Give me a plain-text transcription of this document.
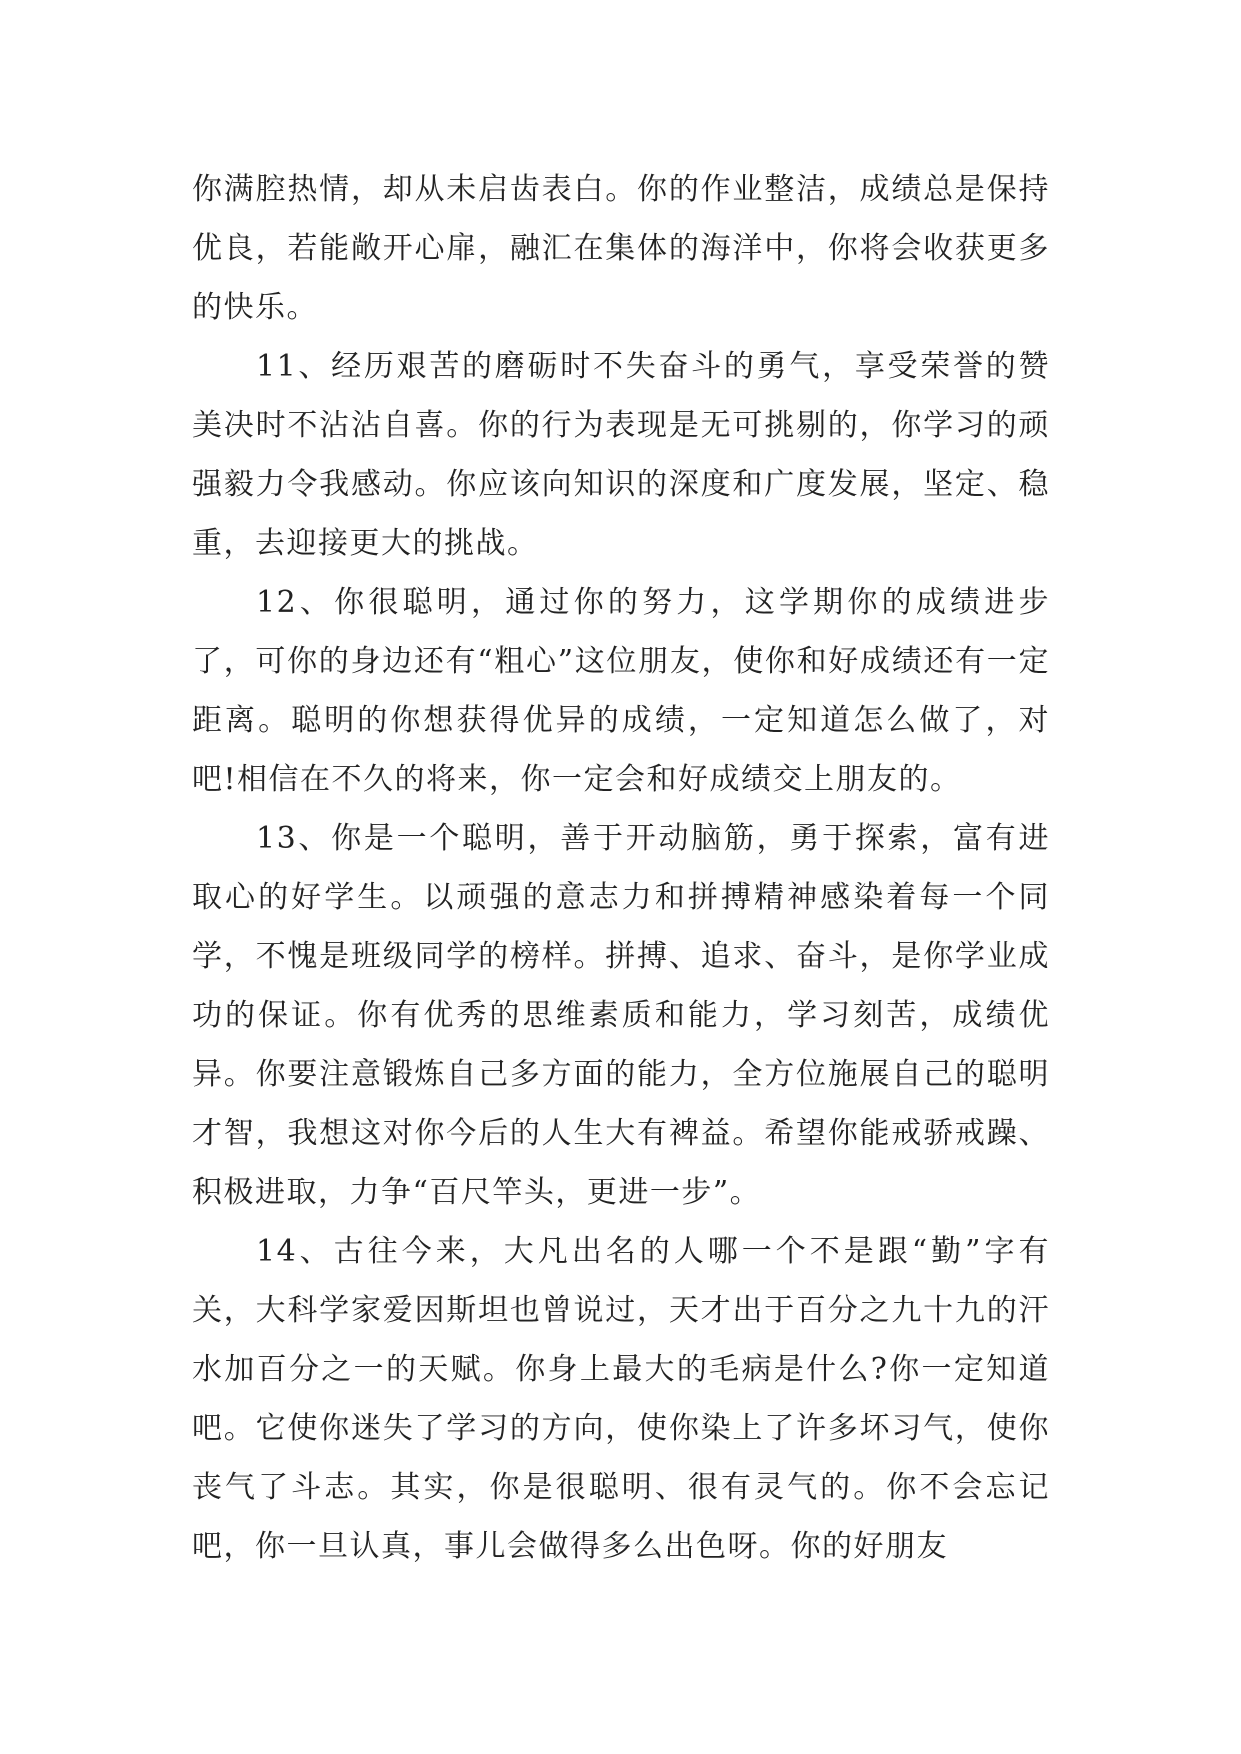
你满腔热情，却从未启齿表白。你的作业整洁，成绩总是保持优良，若能敞开心扉，融汇在集体的海洋中，你将会收获更多的快乐。

11、经历艰苦的磨砺时不失奋斗的勇气，享受荣誉的赞美决时不沾沾自喜。你的行为表现是无可挑剔的，你学习的顽强毅力令我感动。你应该向知识的深度和广度发展，坚定、稳重，去迎接更大的挑战。

12、你很聪明，通过你的努力，这学期你的成绩进步了，可你的身边还有“粗心”这位朋友，使你和好成绩还有一定距离。聪明的你想获得优异的成绩，一定知道怎么做了，对吧!相信在不久的将来，你一定会和好成绩交上朋友的。

13、你是一个聪明，善于开动脑筋，勇于探索，富有进取心的好学生。以顽强的意志力和拼搏精神感染着每一个同学，不愧是班级同学的榜样。拼搏、追求、奋斗，是你学业成功的保证。你有优秀的思维素质和能力，学习刻苦，成绩优异。你要注意锻炼自己多方面的能力，全方位施展自己的聪明才智，我想这对你今后的人生大有裨益。希望你能戒骄戒躁、积极进取，力争“百尺竿头，更进一步”。

14、古往今来，大凡出名的人哪一个不是跟“勤”字有关，大科学家爱因斯坦也曾说过，天才出于百分之九十九的汗水加百分之一的天赋。你身上最大的毛病是什么?你一定知道吧。它使你迷失了学习的方向，使你染上了许多坏习气，使你丧气了斗志。其实，你是很聪明、很有灵气的。你不会忘记吧，你一旦认真，事儿会做得多么出色呀。你的好朋友
